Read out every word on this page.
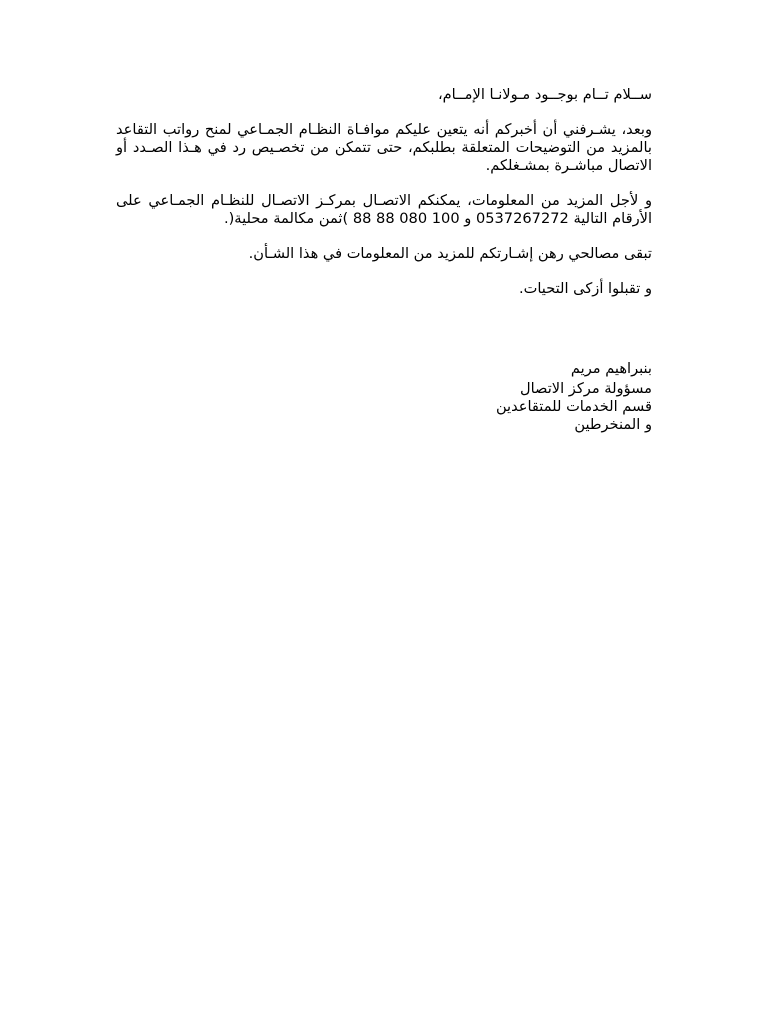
ســلام تــام بوجــود مـولانـا الإمــام،

وبعد، يشـرفني أن أخبركم أنه يتعين عليكم موافـاة النظـام الجمـاعي لمنح رواتب التقاعد بالمزيد من التوضيحات المتعلقة بطلبكم، حتى تتمكن من تخصـيص رد في هـذا الصـدد أو الاتصال مباشـرة بمشـغلكم.

و لأجل المزيد من المعلومات، يمكنكم الاتصـال بمركـز الاتصـال للنظـام الجمـاعي على الأرقام التالية 0537267272 و 100 080 88 88 )ثمن مكالمة محلية(.

تبقى مصالحي رهن إشـارتكم للمزيد من المعلومات في هذا الشـأن.

و تقبلوا أزكى التحيات.

بنبراهيم مريم
مسؤولة مركز الاتصال
قسم الخدمات للمتقاعدين
و المنخرطين
